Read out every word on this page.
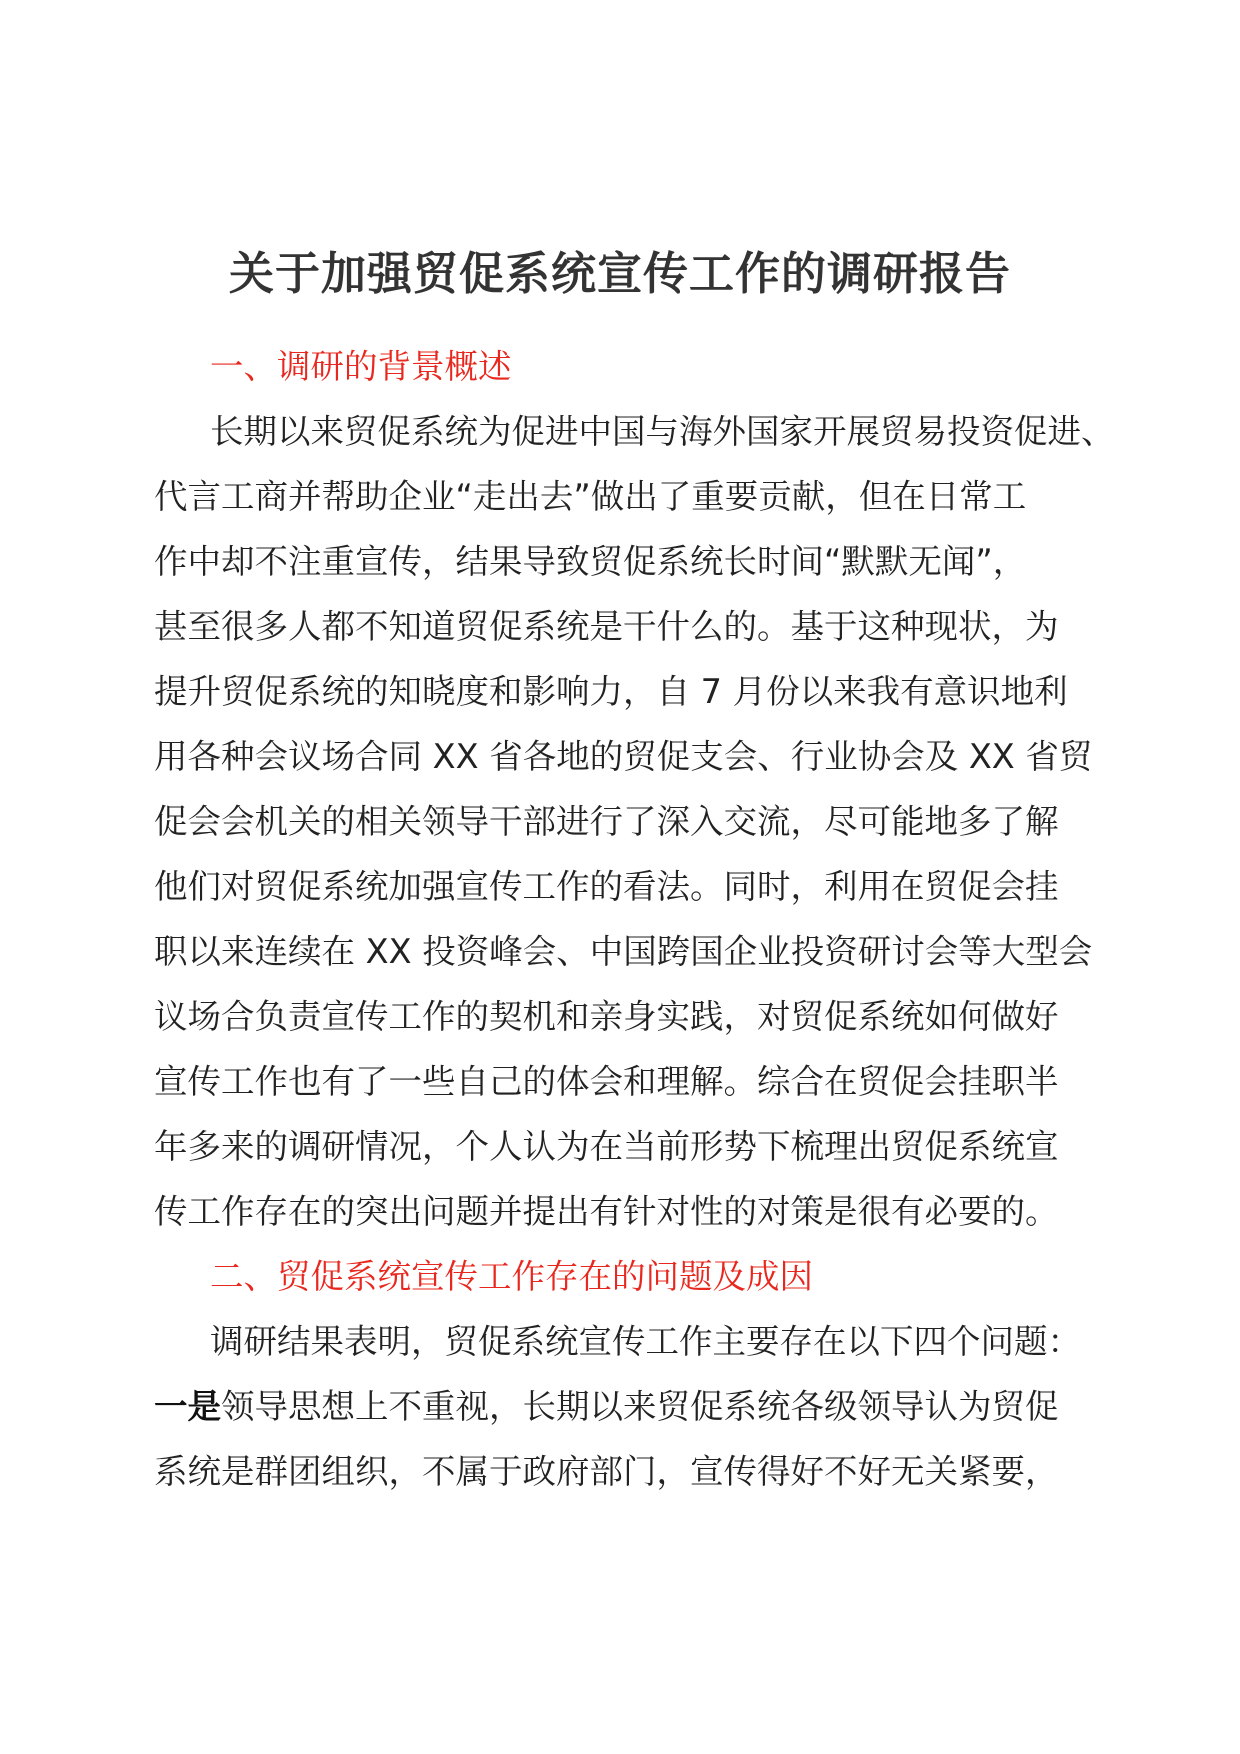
关于加强贸促系统宣传工作的调研报告
一、调研的背景概述
长期以来贸促系统为促进中国与海外国家开展贸易投资促进、
代言工商并帮助企业“走出去”做出了重要贡献，但在日常工
作中却不注重宣传，结果导致贸促系统长时间“默默无闻”，
甚至很多人都不知道贸促系统是干什么的。基于这种现状，为
提升贸促系统的知晓度和影响力，自 7 月份以来我有意识地利
用各种会议场合同 XX 省各地的贸促支会、行业协会及 XX 省贸
促会会机关的相关领导干部进行了深入交流，尽可能地多了解
他们对贸促系统加强宣传工作的看法。同时，利用在贸促会挂
职以来连续在 XX 投资峰会、中国跨国企业投资研讨会等大型会
议场合负责宣传工作的契机和亲身实践，对贸促系统如何做好
宣传工作也有了一些自己的体会和理解。综合在贸促会挂职半
年多来的调研情况，个人认为在当前形势下梳理出贸促系统宣
传工作存在的突出问题并提出有针对性的对策是很有必要的。
二、贸促系统宣传工作存在的问题及成因
调研结果表明，贸促系统宣传工作主要存在以下四个问题：
一是领导思想上不重视，长期以来贸促系统各级领导认为贸促
系统是群团组织，不属于政府部门，宣传得好不好无关紧要，
